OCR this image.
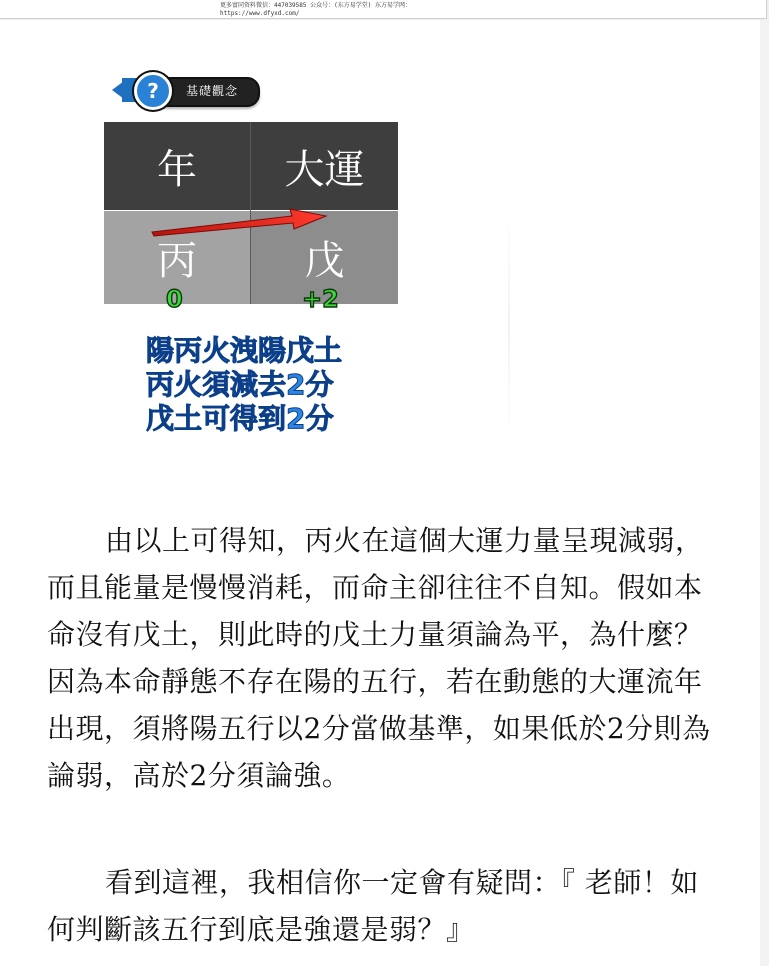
更多富同资料微信：447039585 公众号：(东方易学堂) 东方易学网：
https://www.dfyxd.com/
?	基礎觀念
年	大運
丙	戊
0	+2
陽丙火洩陽戊土
丙火須減去2分
戊土可得到2分
由以上可得知，丙火在這個大運力量呈現減弱，而且能量是慢慢消耗，而命主卻往往不自知。假如本命沒有戊土，則此時的戊土力量須論為平，為什麼？因為本命靜態不存在陽的五行，若在動態的大運流年出現，須將陽五行以2分當做基準，如果低於2分則為論弱，高於2分須論強。
看到這裡，我相信你一定會有疑問：『 老師！如何判斷該五行到底是強還是弱？』
